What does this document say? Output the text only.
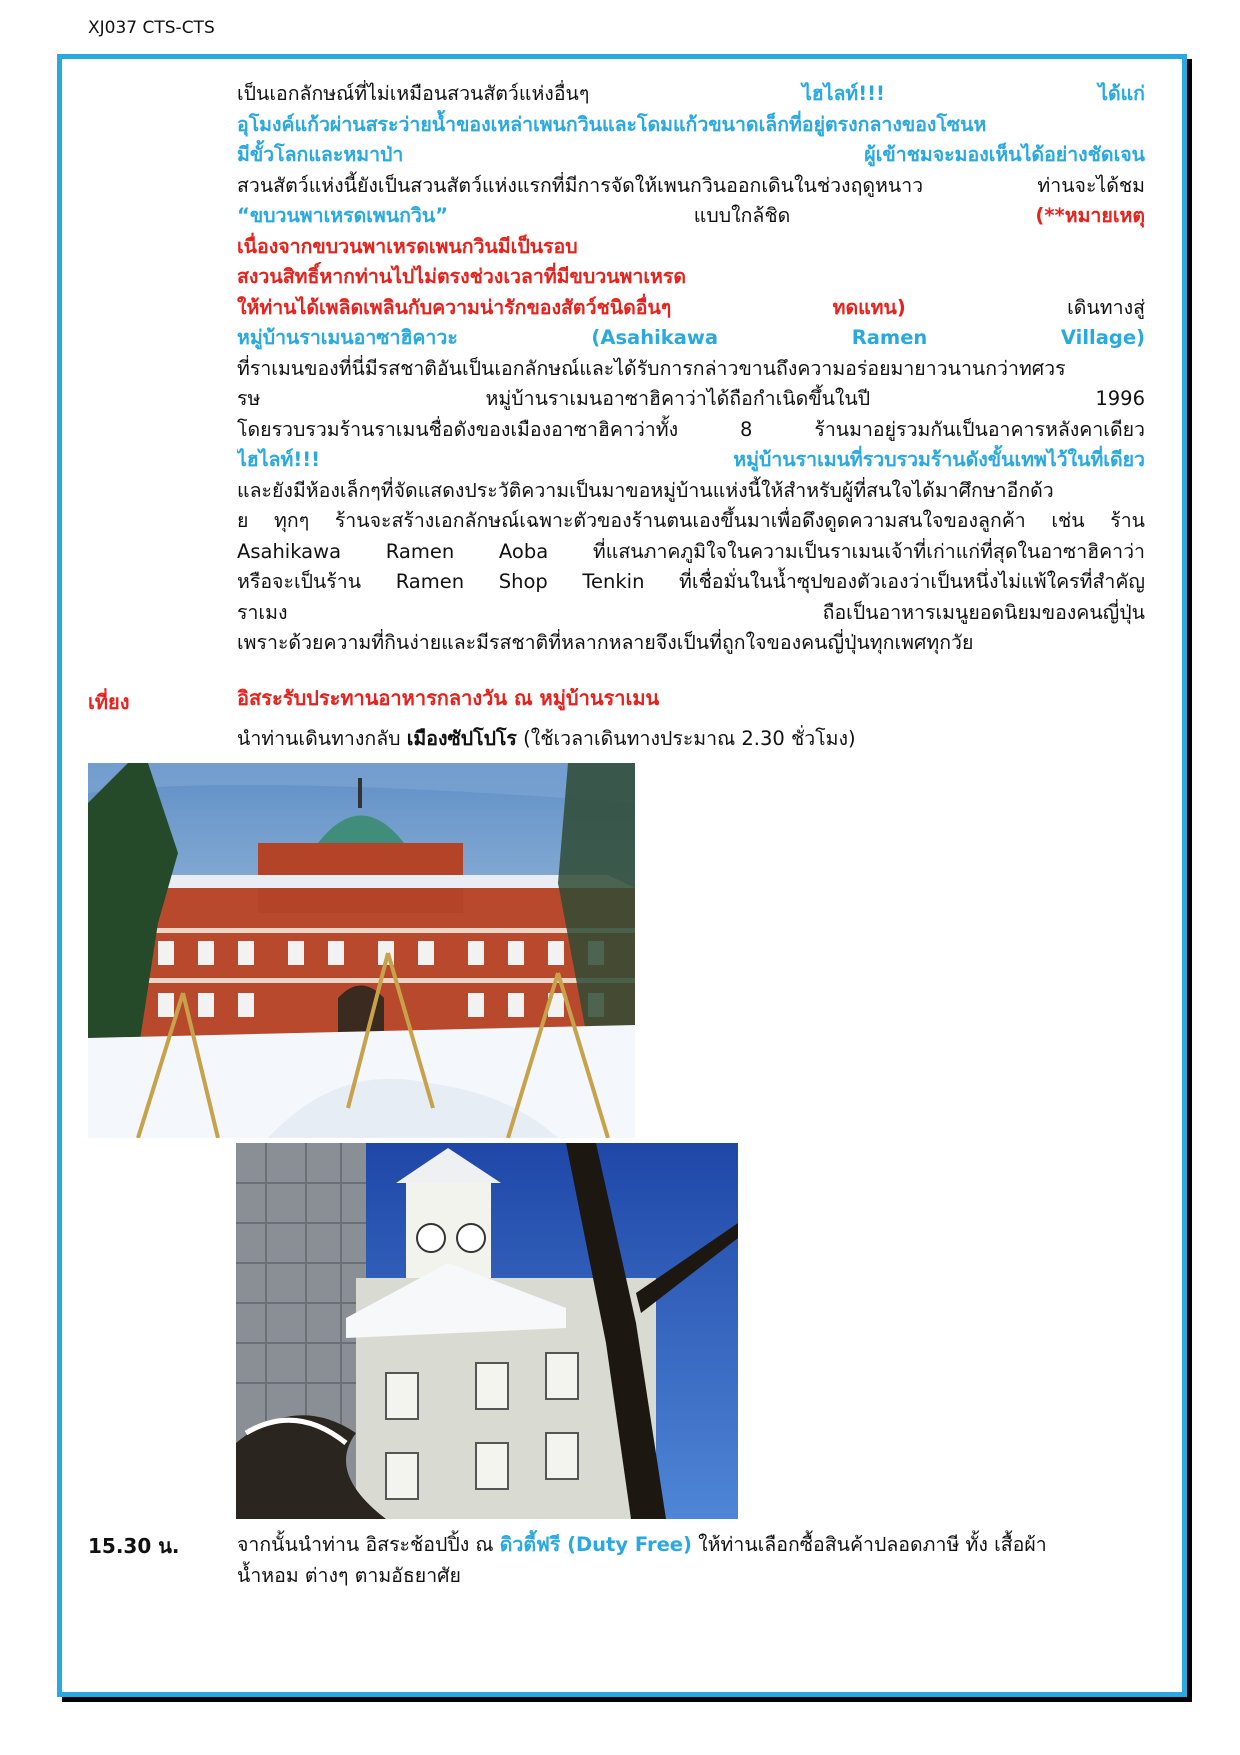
XJ037 CTS-CTS
เป็นเอกลักษณ์ที่ไม่เหมือนสวนสัตว์แห่งอื่นๆ ไฮไลท์!!! ได้แก่
อุโมงค์แก้วผ่านสระว่ายน้ำของเหล่าเพนกวินและโดมแก้วขนาดเล็กที่อยู่ตรงกลางของโซนห
มีขั้วโลกและหมาป่า ผู้เข้าชมจะมองเห็นได้อย่างชัดเจน
สวนสัตว์แห่งนี้ยังเป็นสวนสัตว์แห่งแรกที่มีการจัดให้เพนกวินออกเดินในช่วงฤดูหนาว ท่านจะได้ชม
“ขบวนพาเหรดเพนกวิน” แบบใกล้ชิด (**หมายเหตุ
เนื่องจากขบวนพาเหรดเพนกวินมีเป็นรอบ
สงวนสิทธิ์หากท่านไปไม่ตรงช่วงเวลาที่มีขบวนพาเหรด
ให้ท่านได้เพลิดเพลินกับความน่ารักของสัตว์ชนิดอื่นๆ ทดแทน) เดินทางสู่
หมู่บ้านราเมนอาซาฮิคาวะ (Asahikawa Ramen Village)
ที่ราเมนของที่นี่มีรสชาติอันเป็นเอกลักษณ์และได้รับการกล่าวขานถึงความอร่อยมายาวนานกว่าทศวร
รษ หมู่บ้านราเมนอาซาฮิคาว่าได้ถือกำเนิดขึ้นในปี 1996
โดยรวบรวมร้านราเมนชื่อดังของเมืองอาซาฮิคาว่าทั้ง 8 ร้านมาอยู่รวมกันเป็นอาคารหลังคาเดียว
ไฮไลท์!!! หมู่บ้านราเมนที่รวบรวมร้านดังขั้นเทพไว้ในที่เดียว
และยังมีห้องเล็กๆที่จัดแสดงประวัติความเป็นมาขอหมู่บ้านแห่งนี้ให้สำหรับผู้ที่สนใจได้มาศึกษาอีกด้ว
ย ทุกๆ ร้านจะสร้างเอกลักษณ์เฉพาะตัวของร้านตนเองขึ้นมาเพื่อดึงดูดความสนใจของลูกค้า เช่น ร้าน
Asahikawa Ramen Aoba ที่แสนภาคภูมิใจในความเป็นราเมนเจ้าที่เก่าแก่ที่สุดในอาซาฮิคาว่า
หรือจะเป็นร้าน Ramen Shop Tenkin ที่เชื่อมั่นในน้ำซุปของตัวเองว่าเป็นหนึ่งไม่แพ้ใครที่สำคัญ
ราเมง ถือเป็นอาหารเมนูยอดนิยมของคนญี่ปุ่น
เพราะด้วยความที่กินง่ายและมีรสชาติที่หลากหลายจึงเป็นที่ถูกใจของคนญี่ปุ่นทุกเพศทุกวัย
เที่ยง	อิสระรับประทานอาหารกลางวัน ณ หมู่บ้านราเมน
นำท่านเดินทางกลับ เมืองซัปโปโร (ใช้เวลาเดินทางประมาณ 2.30 ชั่วโมง)
15.30 น.	จากนั้นนำท่าน อิสระช้อปปิ้ง ณ ดิวตี้ฟรี (Duty Free) ให้ท่านเลือกซื้อสินค้าปลอดภาษี ทั้ง เสื้อผ้า
น้ำหอม ต่างๆ ตามอัธยาศัย
